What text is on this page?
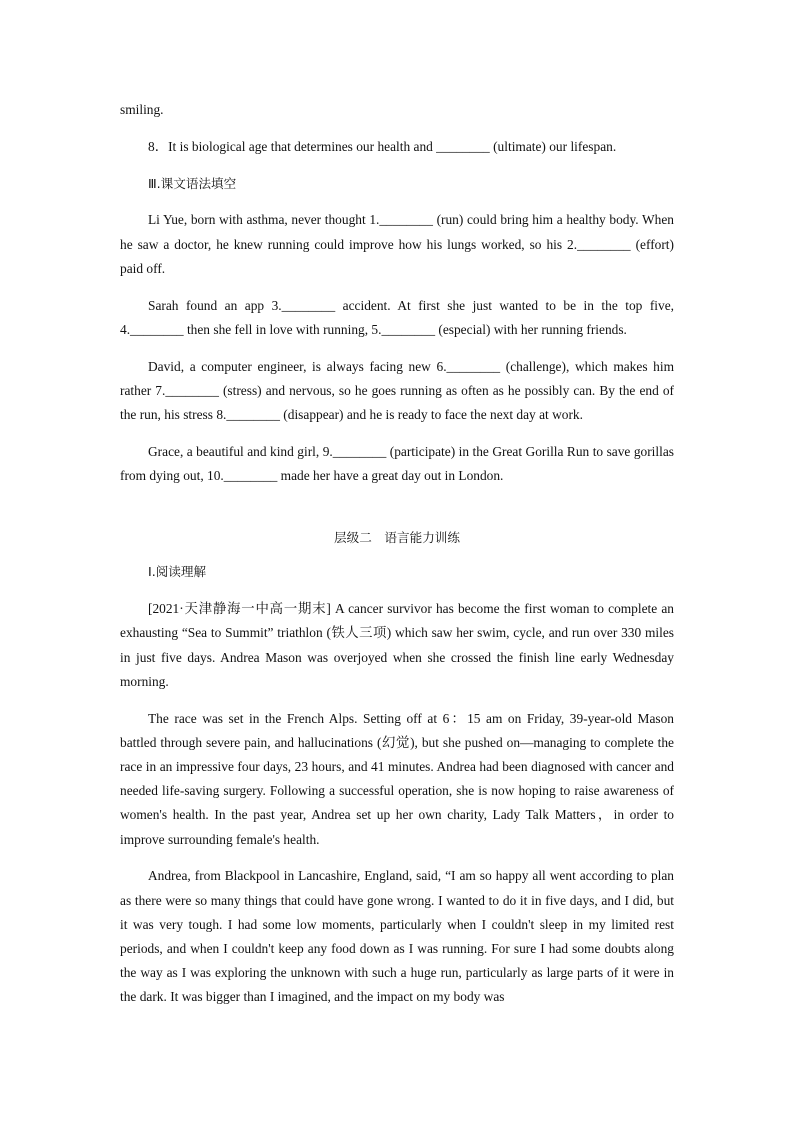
smiling.

8．It is biological age that determines our health and ________ (ultimate) our lifespan.

Ⅲ.课文语法填空

Li Yue, born with asthma, never thought 1.________ (run) could bring him a healthy body. When he saw a doctor, he knew running could improve how his lungs worked, so his 2.________ (effort) paid off.

Sarah found an app 3.________ accident. At first she just wanted to be in the top five, 4.________ then she fell in love with running, 5.________ (especial) with her running friends.

David, a computer engineer, is always facing new 6.________ (challenge), which makes him rather 7.________ (stress) and nervous, so he goes running as often as he possibly can. By the end of the run, his stress 8.________ (disappear) and he is ready to face the next day at work.

Grace, a beautiful and kind girl, 9.________ (participate) in the Great Gorilla Run to save gorillas from dying out, 10.________ made her have a great day out in London.

层级二　语言能力训练

Ⅰ.阅读理解

[2021·天津静海一中高一期末] A cancer survivor has become the first woman to complete an exhausting “Sea to Summit” triathlon (铁人三项) which saw her swim, cycle, and run over 330 miles in just five days. Andrea Mason was overjoyed when she crossed the finish line early Wednesday morning.

The race was set in the French Alps. Setting off at 6：15 am on Friday, 39-year-old Mason battled through severe pain, and hallucinations (幻觉), but she pushed on—managing to complete the race in an impressive four days, 23 hours, and 41 minutes. Andrea had been diagnosed with cancer and needed life-saving surgery. Following a successful operation, she is now hoping to raise awareness of women's health. In the past year, Andrea set up her own charity, Lady Talk Matters，in order to improve surrounding female's health.

Andrea, from Blackpool in Lancashire, England, said, “I am so happy all went according to plan as there were so many things that could have gone wrong. I wanted to do it in five days, and I did, but it was very tough. I had some low moments, particularly when I couldn't sleep in my limited rest periods, and when I couldn't keep any food down as I was running. For sure I had some doubts along the way as I was exploring the unknown with such a huge run, particularly as large parts of it were in the dark. It was bigger than I imagined, and the impact on my body was
